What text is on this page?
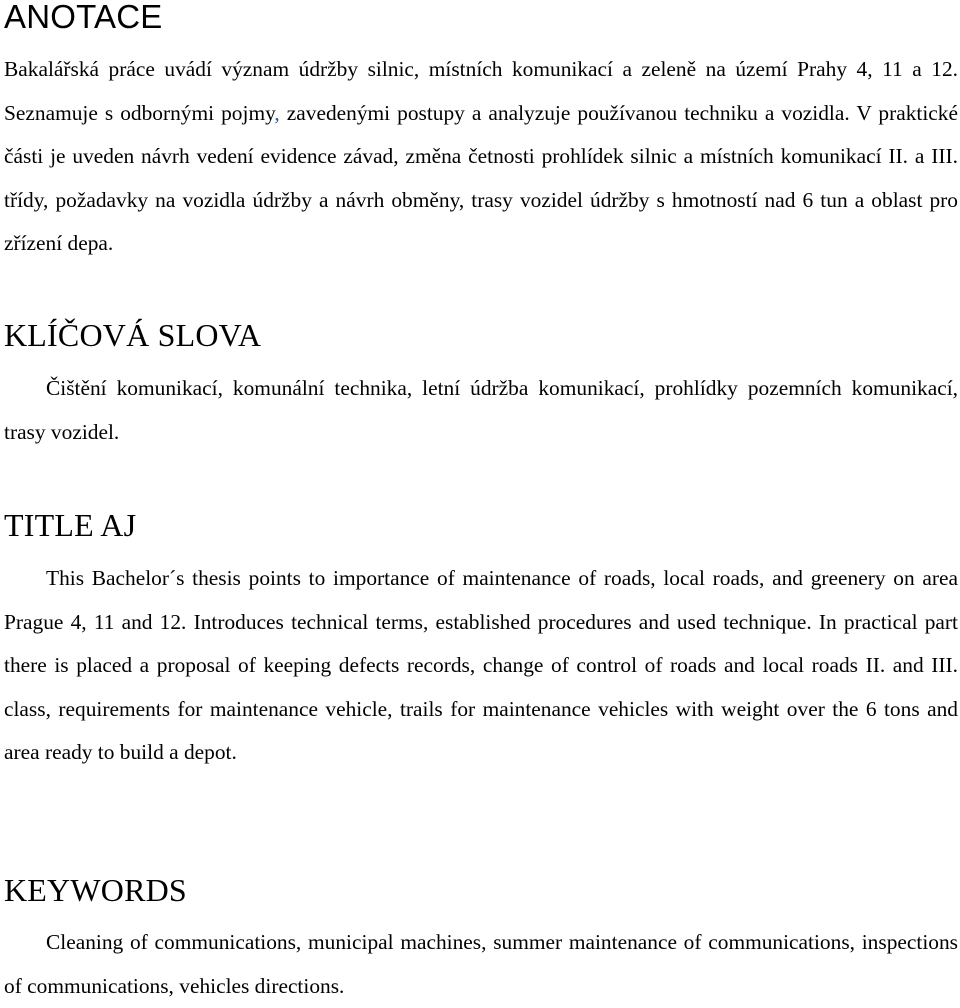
ANOTACE

Bakalářská práce uvádí význam údržby silnic, místních komunikací a zeleně na území Prahy 4, 11 a 12. Seznamuje s odbornými pojmy, zavedenými postupy a analyzuje používanou techniku a vozidla. V praktické části je uveden návrh vedení evidence závad, změna četnosti prohlídek silnic a místních komunikací II. a III. třídy, požadavky na vozidla údržby a návrh obměny, trasy vozidel údržby s hmotností nad 6 tun a oblast pro zřízení depa.

KLÍČOVÁ SLOVA

Čištění komunikací, komunální technika, letní údržba komunikací, prohlídky pozemních komunikací, trasy vozidel.

TITLE AJ

This Bachelor´s thesis points to importance of maintenance of roads, local roads, and greenery on area Prague 4, 11 and 12. Introduces technical terms, established procedures and used technique. In practical part there is placed a proposal of keeping defects records, change of control of roads and local roads II. and III. class, requirements for maintenance vehicle, trails for maintenance vehicles with weight over the 6 tons and area ready to build a depot.

KEYWORDS

Cleaning of communications, municipal machines, summer maintenance of communications, inspections of communications, vehicles directions.
